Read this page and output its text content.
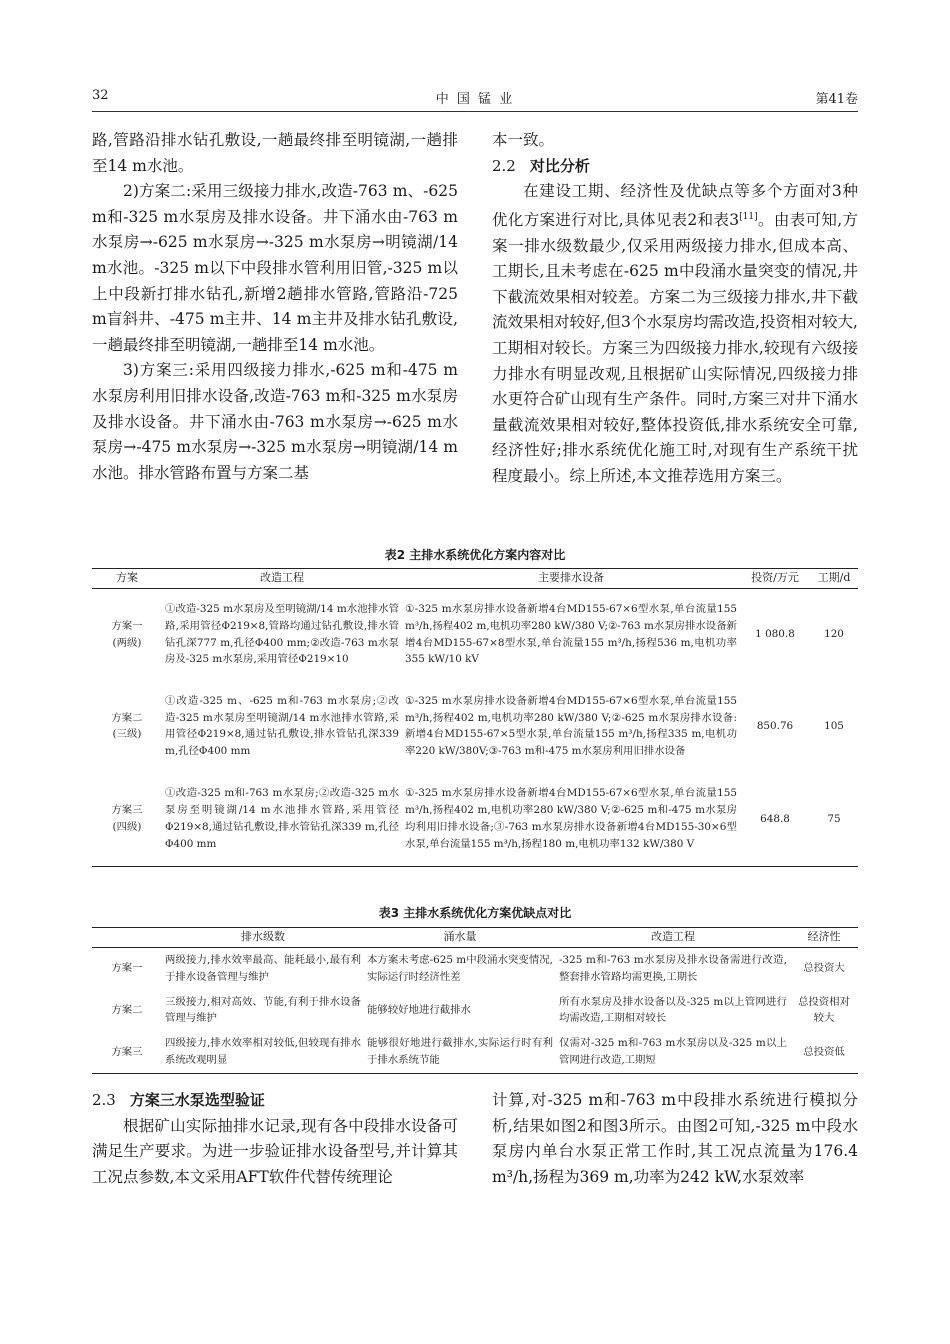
32	中 国 锰 业	第41卷

路,管路沿排水钻孔敷设,一趟最终排至明镜湖,一趟排至14 m水池。

2)方案二:采用三级接力排水,改造-763 m、-625 m和-325 m水泵房及排水设备。井下涌水由-763 m水泵房→-625 m水泵房→-325 m水泵房→明镜湖/14 m水池。-325 m以下中段排水管利用旧管,-325 m以上中段新打排水钻孔,新增2趟排水管路,管路沿-725 m盲斜井、-475 m主井、14 m主井及排水钻孔敷设,一趟最终排至明镜湖,一趟排至14 m水池。

3)方案三:采用四级接力排水,-625 m和-475 m水泵房利用旧排水设备,改造-763 m和-325 m水泵房及排水设备。井下涌水由-763 m水泵房→-625 m水泵房→-475 m水泵房→-325 m水泵房→明镜湖/14 m水池。排水管路布置与方案二基

本一致。

2.2 对比分析

在建设工期、经济性及优缺点等多个方面对3种优化方案进行对比,具体见表2和表3[11]。由表可知,方案一排水级数最少,仅采用两级接力排水,但成本高、工期长,且未考虑在-625 m中段涌水量突变的情况,井下截流效果相对较差。方案二为三级接力排水,井下截流效果相对较好,但3个水泵房均需改造,投资相对较大,工期相对较长。方案三为四级接力排水,较现有六级接力排水有明显改观,且根据矿山实际情况,四级接力排水更符合矿山现有生产条件。同时,方案三对井下涌水量截流效果相对较好,整体投资低,排水系统安全可靠,经济性好;排水系统优化施工时,对现有生产系统干扰程度最小。综上所述,本文推荐选用方案三。

表2 主排水系统优化方案内容对比
方案	改造工程	主要排水设备	投资/万元	工期/d

方案一
(两级)	①改造-325 m水泵房及至明镜湖/14 m水池排水管路,采用管径Φ219×8,管路均通过钻孔敷设,排水管钻孔深777 m,孔径Φ400 mm;②改造-763 m水泵房及-325 m水泵房,采用管径Φ219×10	①-325 m水泵房排水设备新增4台MD155-67×6型水泵,单台流量155 m³/h,扬程402 m,电机功率280 kW/380 V;②-763 m水泵房排水设备新增4台MD155-67×8型水泵,单台流量155 m³/h,扬程536 m,电机功率355 kW/10 kV	1 080.8	120

方案二
(三级)	①改造-325 m、-625 m和-763 m水泵房;②改造-325 m水泵房至明镜湖/14 m水池排水管路,采用管径Φ219×8,通过钻孔敷设,排水管钻孔深339 m,孔径Φ400 mm	①-325 m水泵房排水设备新增4台MD155-67×6型水泵,单台流量155 m³/h,扬程402 m,电机功率280 kW/380 V;②-625 m水泵房排水设备:新增4台MD155-67×5型水泵,单台流量155 m³/h,扬程335 m,电机功率220 kW/380V;③-763 m和-475 m水泵房利用旧排水设备	850.76	105

方案三
(四级)	①改造-325 m和-763 m水泵房;②改造-325 m水泵房至明镜湖/14 m水池排水管路,采用管径Φ219×8,通过钻孔敷设,排水管钻孔深339 m,孔径Φ400 mm	①-325 m水泵房排水设备新增4台MD155-67×6型水泵,单台流量155 m³/h,扬程402 m,电机功率280 kW/380 V;②-625 m和-475 m水泵房均利用旧排水设备;③-763 m水泵房排水设备新增4台MD155-30×6型水泵,单台流量155 m³/h,扬程180 m,电机功率132 kW/380 V	648.8	75
表3 主排水系统优化方案优缺点对比
	排水级数	涌水量	改造工程	经济性
方案一	两级接力,排水效率最高、能耗最小,最有利于排水设备管理与维护	本方案未考虑-625 m中段涌水突变情况,实际运行时经济性差	-325 m和-763 m水泵房及排水设备需进行改造,整套排水管路均需更换,工期长	总投资大
方案二	三级接力,相对高效、节能,有利于排水设备管理与维护	能够较好地进行截排水	所有水泵房及排水设备以及-325 m以上管网进行均需改造,工期相对较长	总投资相对较大
方案三	四级接力,排水效率相对较低,但较现有排水系统改观明显	能够很好地进行截排水,实际运行时有利于排水系统节能	仅需对-325 m和-763 m水泵房以及-325 m以上管网进行改造,工期短	总投资低

2.3 方案三水泵选型验证

根据矿山实际抽排水记录,现有各中段排水设备可满足生产要求。为进一步验证排水设备型号,并计算其工况点参数,本文采用AFT软件代替传统理论

计算,对-325 m和-763 m中段排水系统进行模拟分析,结果如图2和图3所示。由图2可知,-325 m中段水泵房内单台水泵正常工作时,其工况点流量为176.4 m³/h,扬程为369 m,功率为242 kW,水泵效率
